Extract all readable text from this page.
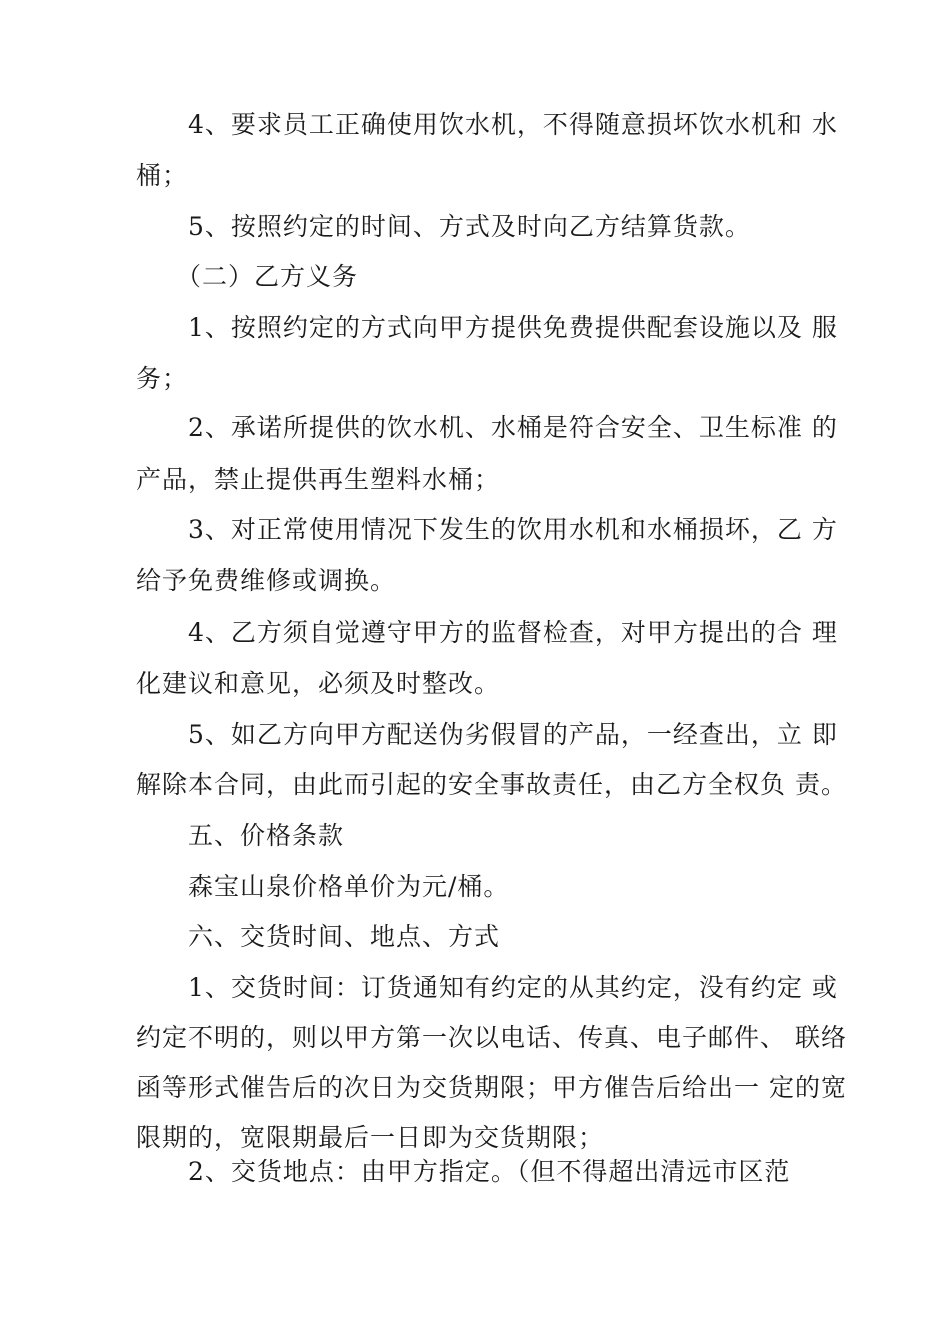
4、要求员工正确使用饮水机，不得随意损坏饮水机和 水
桶；
5、按照约定的时间、方式及时向乙方结算货款。
（二）乙方义务
1、按照约定的方式向甲方提供免费提供配套设施以及 服
务；
2、承诺所提供的饮水机、水桶是符合安全、卫生标准 的
产品，禁止提供再生塑料水桶；
3、对正常使用情况下发生的饮用水机和水桶损坏，乙 方
给予免费维修或调换。
4、乙方须自觉遵守甲方的监督检查，对甲方提出的合 理
化建议和意见，必须及时整改。
5、如乙方向甲方配送伪劣假冒的产品，一经查出，立 即
解除本合同，由此而引起的安全事故责任，由乙方全权负 责。
五、价格条款
森宝山泉价格单价为元/桶。
六、交货时间、地点、方式
1、交货时间：订货通知有约定的从其约定，没有约定 或
约定不明的，则以甲方第一次以电话、传真、电子邮件、 联络
函等形式催告后的次日为交货期限；甲方催告后给出一 定的宽
限期的，宽限期最后一日即为交货期限；
2、交货地点：由甲方指定。（但不得超出清远市区范
